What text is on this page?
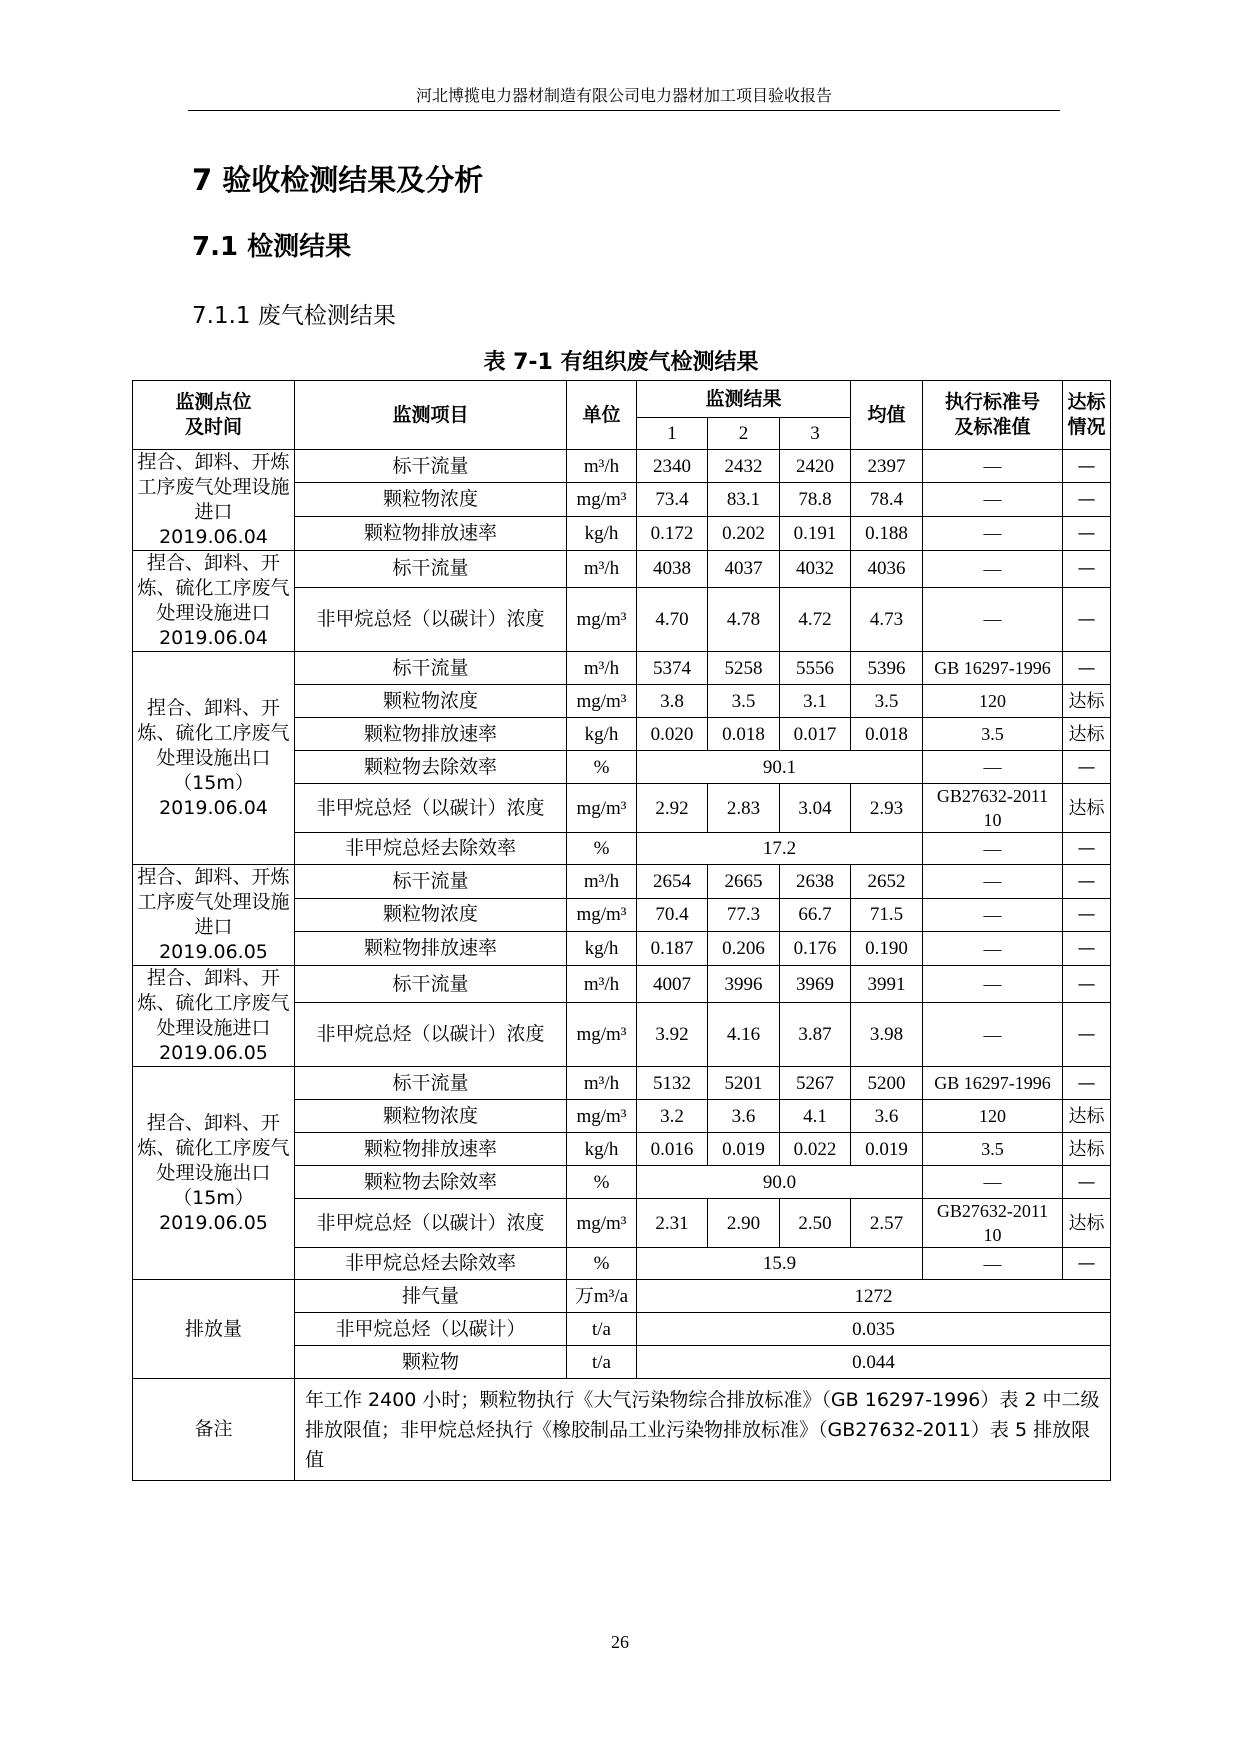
河北博揽电力器材制造有限公司电力器材加工项目验收报告
7 验收检测结果及分析
7.1 检测结果
7.1.1 废气检测结果
表 7-1 有组织废气检测结果
监测点位
及时间	监测项目	单位	监测结果			均值	执行标准号
及标准值	达标
情况
			1	2	3			
捏合、卸料、开炼工序废气处理设施进口
2019.06.04	标干流量	m³/h	2340	2432	2420	2397	—	—
	颗粒物浓度	mg/m³	73.4	83.1	78.8	78.4	—	—
	颗粒物排放速率	kg/h	0.172	0.202	0.191	0.188	—	—
捏合、卸料、开炼、硫化工序废气处理设施进口
2019.06.04	标干流量	m³/h	4038	4037	4032	4036	—	—
	非甲烷总烃（以碳计）浓度	mg/m³	4.70	4.78	4.72	4.73	—	—
捏合、卸料、开炼、硫化工序废气处理设施出口（15m）
2019.06.04	标干流量	m³/h	5374	5258	5556	5396	GB 16297-1996	—
	颗粒物浓度	mg/m³	3.8	3.5	3.1	3.5	120	达标
	颗粒物排放速率	kg/h	0.020	0.018	0.017	0.018	3.5	达标
	颗粒物去除效率	%	90.1				—	—
	非甲烷总烃（以碳计）浓度	mg/m³	2.92	2.83	3.04	2.93	GB27632-2011
10	达标
	非甲烷总烃去除效率	%	17.2				—	—
捏合、卸料、开炼工序废气处理设施进口
2019.06.05	标干流量	m³/h	2654	2665	2638	2652	—	—
	颗粒物浓度	mg/m³	70.4	77.3	66.7	71.5	—	—
	颗粒物排放速率	kg/h	0.187	0.206	0.176	0.190	—	—
捏合、卸料、开炼、硫化工序废气处理设施进口
2019.06.05	标干流量	m³/h	4007	3996	3969	3991	—	—
	非甲烷总烃（以碳计）浓度	mg/m³	3.92	4.16	3.87	3.98	—	—
捏合、卸料、开炼、硫化工序废气处理设施出口（15m）
2019.06.05	标干流量	m³/h	5132	5201	5267	5200	GB 16297-1996	—
	颗粒物浓度	mg/m³	3.2	3.6	4.1	3.6	120	达标
	颗粒物排放速率	kg/h	0.016	0.019	0.022	0.019	3.5	达标
	颗粒物去除效率	%	90.0				—	—
	非甲烷总烃（以碳计）浓度	mg/m³	2.31	2.90	2.50	2.57	GB27632-2011
10	达标
	非甲烷总烃去除效率	%	15.9				—	—
排放量	排气量	万m³/a	1272					
	非甲烷总烃（以碳计）	t/a	0.035					
	颗粒物	t/a	0.044					
备注	年工作 2400 小时；颗粒物执行《大气污染物综合排放标准》（GB 16297-1996）表 2 中二级排放限值；非甲烷总烃执行《橡胶制品工业污染物排放标准》（GB27632-2011）表 5 排放限值							
26
